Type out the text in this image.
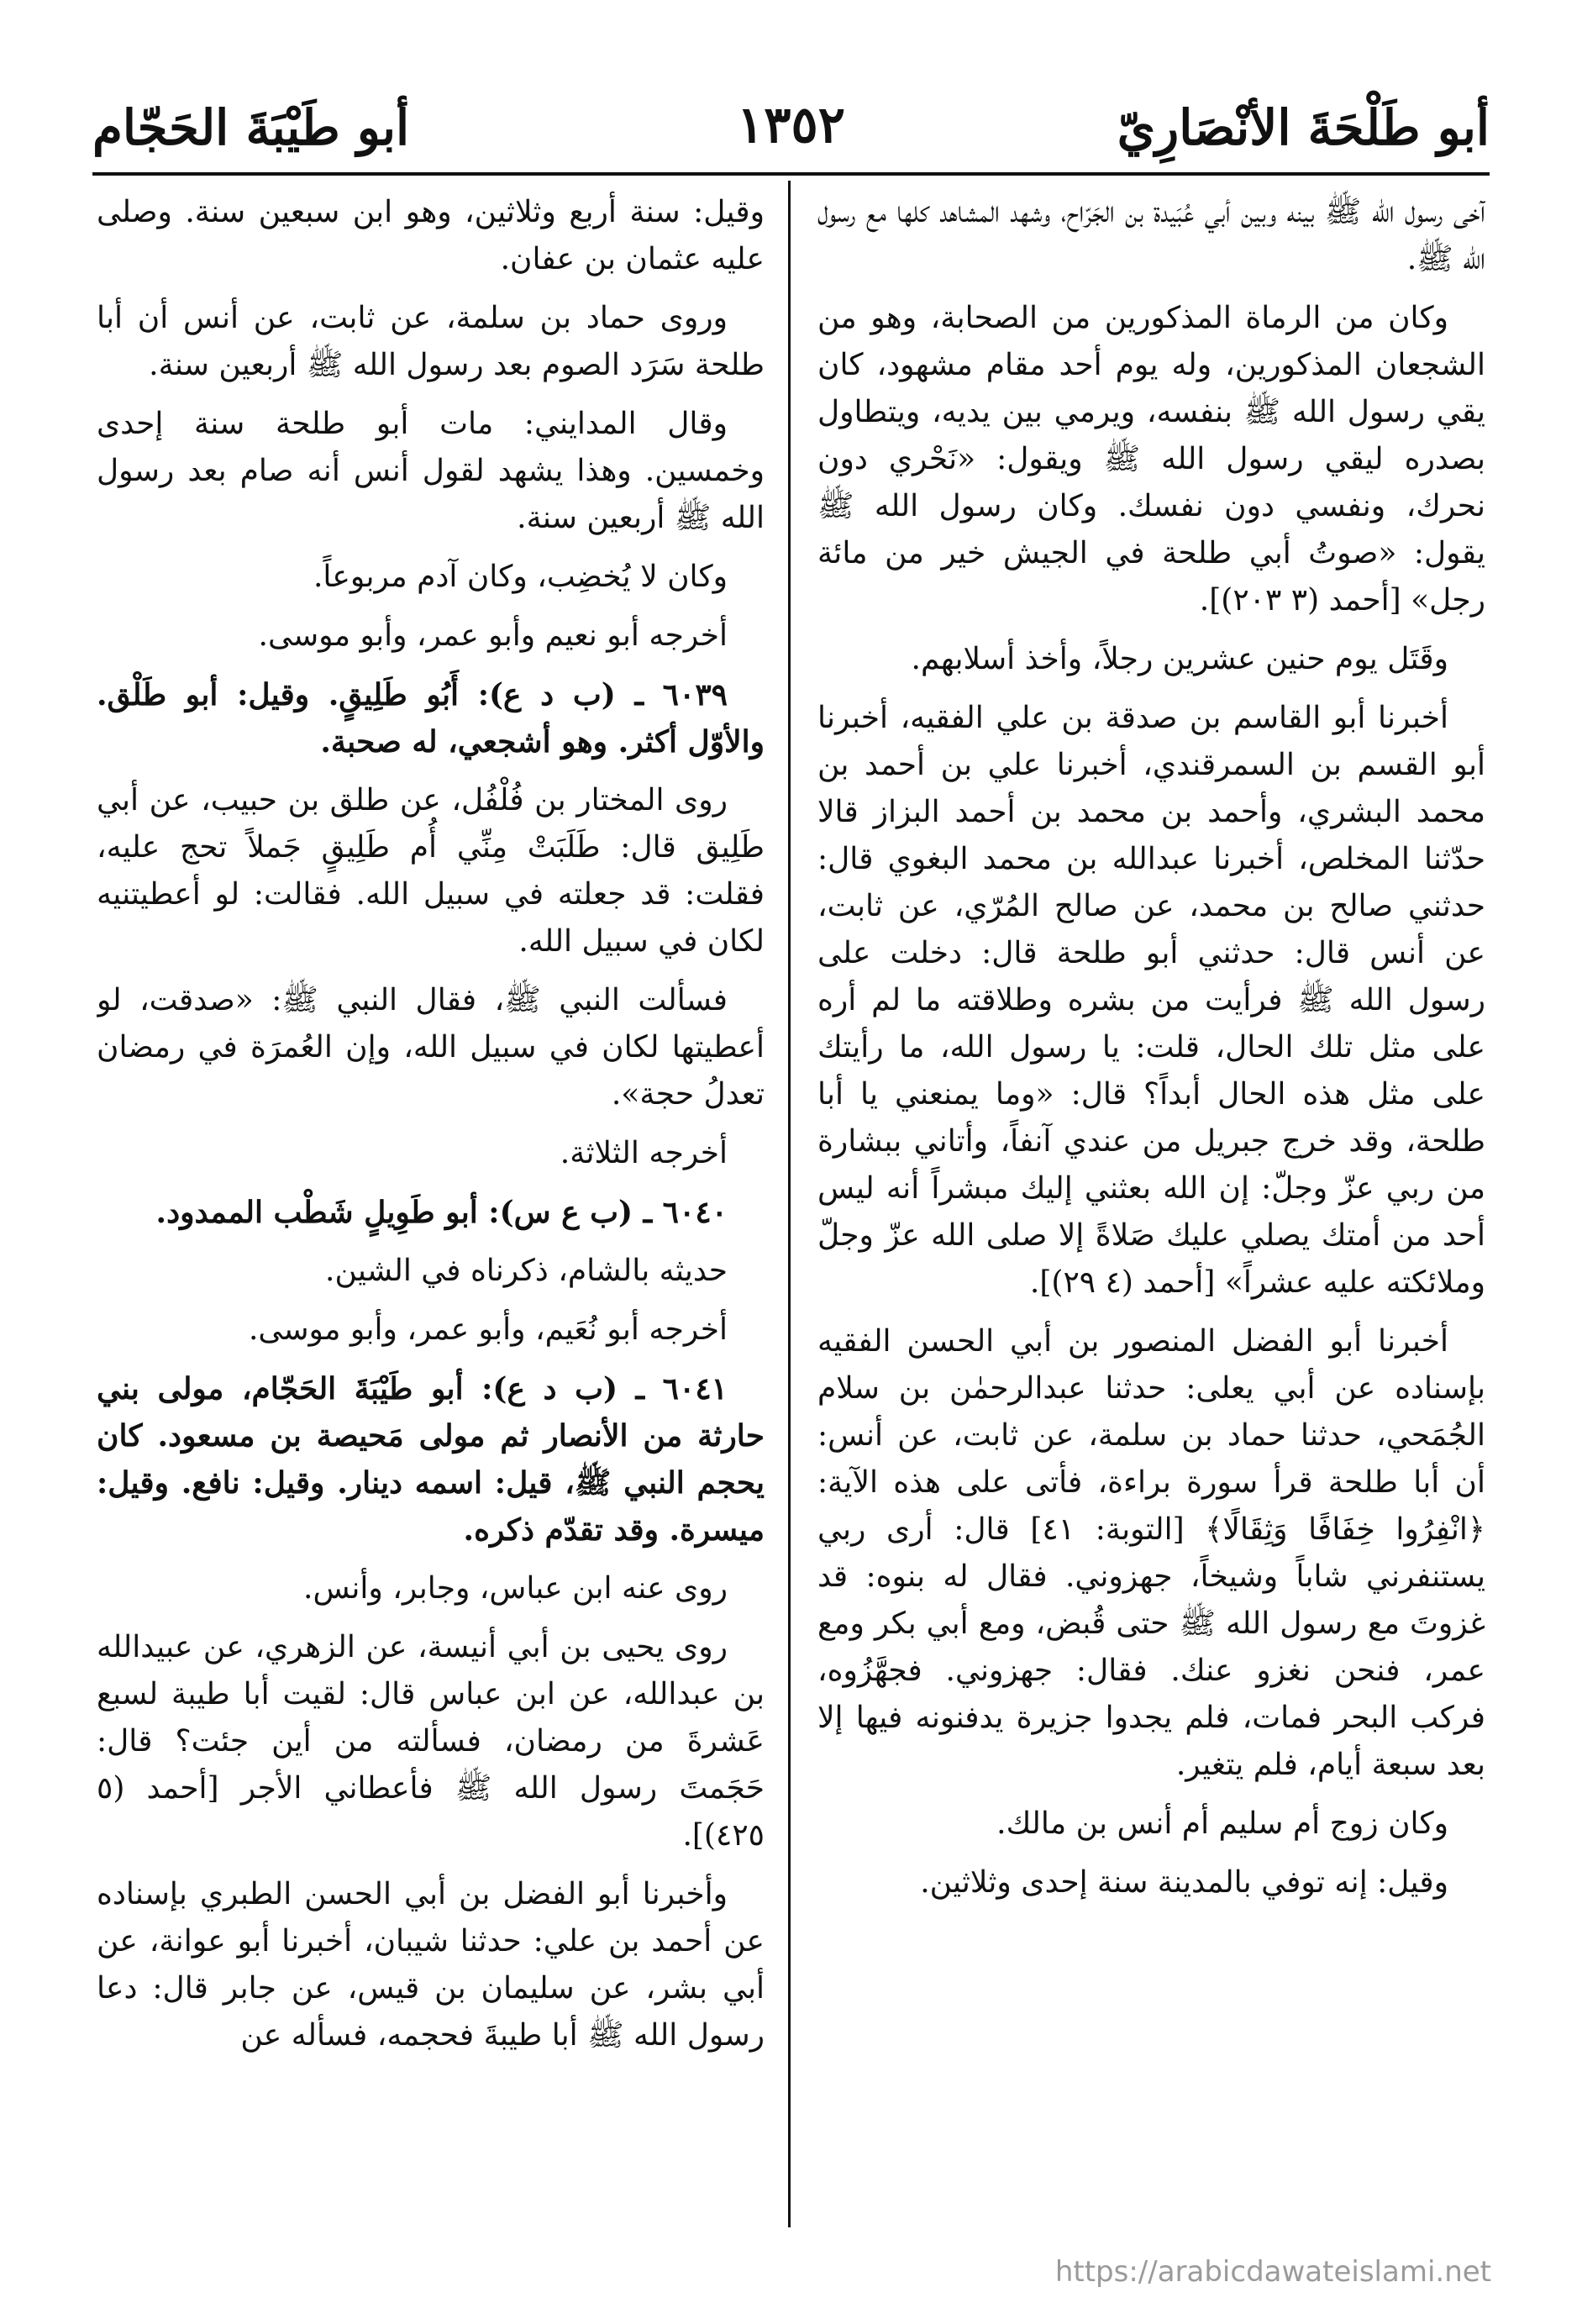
أبو طَلْحَةَ الأنْصَارِيّ
١٣٥٢
أبو طَيْبَةَ الحَجّام

آخى رسول الله ﷺ بينه وبين أبي عُبَيدة بن الجَرّاح، وشهد المشاهد كلها مع رسول الله ﷺ.

وكان من الرماة المذكورين من الصحابة، وهو من الشجعان المذكورين، وله يوم أحد مقام مشهود، كان يقي رسول الله ﷺ بنفسه، ويرمي بين يديه، ويتطاول بصدره ليقي رسول الله ﷺ ويقول: «نَحْري دون نحرك، ونفسي دون نفسك. وكان رسول الله ﷺ يقول: «صوتُ أبي طلحة في الجيش خير من مائة رجل» [أحمد (٣ ٢٠٣)].

وقَتَل يوم حنين عشرين رجلاً، وأخذ أسلابهم.

أخبرنا أبو القاسم بن صدقة بن علي الفقيه، أخبرنا أبو القسم بن السمرقندي، أخبرنا علي بن أحمد بن محمد البشري، وأحمد بن محمد بن أحمد البزاز قالا حدّثنا المخلص، أخبرنا عبدالله بن محمد البغوي قال: حدثني صالح بن محمد، عن صالح المُرّي، عن ثابت، عن أنس قال: حدثني أبو طلحة قال: دخلت على رسول الله ﷺ فرأيت من بشره وطلاقته ما لم أره على مثل تلك الحال، قلت: يا رسول الله، ما رأيتك على مثل هذه الحال أبداً؟ قال: «وما يمنعني يا أبا طلحة، وقد خرج جبريل من عندي آنفاً، وأتاني ببشارة من ربي عزّ وجلّ: إن الله بعثني إليك مبشراً أنه ليس أحد من أمتك يصلي عليك صَلاةً إلا صلى الله عزّ وجلّ وملائكته عليه عشراً» [أحمد (٤ ٢٩)].

أخبرنا أبو الفضل المنصور بن أبي الحسن الفقيه بإسناده عن أبي يعلى: حدثنا عبدالرحمٰن بن سلام الجُمَحي، حدثنا حماد بن سلمة، عن ثابت، عن أنس: أن أبا طلحة قرأ سورة براءة، فأتى على هذه الآية: ﴿انْفِرُوا خِفَافًا وَثِقَالًا﴾ [التوبة: ٤١] قال: أرى ربي يستنفرني شاباً وشيخاً، جهزوني. فقال له بنوه: قد غزوتَ مع رسول الله ﷺ حتى قُبض، ومع أبي بكر ومع عمر، فنحن نغزو عنك. فقال: جهزوني. فجهَّزُوه، فركب البحر فمات، فلم يجدوا جزيرة يدفنونه فيها إلا بعد سبعة أيام، فلم يتغير.

وكان زوج أم سليم أم أنس بن مالك.

وقيل: إنه توفي بالمدينة سنة إحدى وثلاثين.

وقيل: سنة أربع وثلاثين، وهو ابن سبعين سنة. وصلى عليه عثمان بن عفان.

وروى حماد بن سلمة، عن ثابت، عن أنس أن أبا طلحة سَرَد الصوم بعد رسول الله ﷺ أربعين سنة.

وقال المدايني: مات أبو طلحة سنة إحدى وخمسين. وهذا يشهد لقول أنس أنه صام بعد رسول الله ﷺ أربعين سنة.

وكان لا يُخضِب، وكان آدم مربوعاً.

أخرجه أبو نعيم وأبو عمر، وأبو موسى.

٦٠٣٩ ـ (ب د ع): أَبُو طَلِيقٍ. وقيل: أبو طَلْق. والأوّل أكثر. وهو أشجعي، له صحبة.

روى المختار بن فُلْفُل، عن طلق بن حبيب، عن أبي طَلِيق قال: طَلَبَتْ مِنِّي أُم طَلِيقٍ جَملاً تحج عليه، فقلت: قد جعلته في سبيل الله. فقالت: لو أعطيتنيه لكان في سبيل الله.

فسألت النبي ﷺ، فقال النبي ﷺ: «صدقت، لو أعطيتها لكان في سبيل الله، وإن العُمرَة في رمضان تعدلُ حجة».

أخرجه الثلاثة.

٦٠٤٠ ـ (ب ع س): أبو طَوِيلٍ شَطْب الممدود.

حديثه بالشام، ذكرناه في الشين.

أخرجه أبو نُعَيم، وأبو عمر، وأبو موسى.

٦٠٤١ ـ (ب د ع): أبو طَيْبَةَ الحَجّام، مولى بني حارثة من الأنصار ثم مولى مَحيصة بن مسعود. كان يحجم النبي ﷺ، قيل: اسمه دينار. وقيل: نافع. وقيل: ميسرة. وقد تقدّم ذكره.

روى عنه ابن عباس، وجابر، وأنس.

روى يحيى بن أبي أنيسة، عن الزهري، عن عبيدالله بن عبدالله، عن ابن عباس قال: لقيت أبا طيبة لسبع عَشرةَ من رمضان، فسألته من أين جئت؟ قال: حَجَمتَ رسول الله ﷺ فأعطاني الأجر [أحمد (٥ ٤٢٥)].

وأخبرنا أبو الفضل بن أبي الحسن الطبري بإسناده عن أحمد بن علي: حدثنا شيبان، أخبرنا أبو عوانة، عن أبي بشر، عن سليمان بن قيس، عن جابر قال: دعا رسول الله ﷺ أبا طيبةَ فحجمه، فسأله عن

https://arabicdawateislami.net
